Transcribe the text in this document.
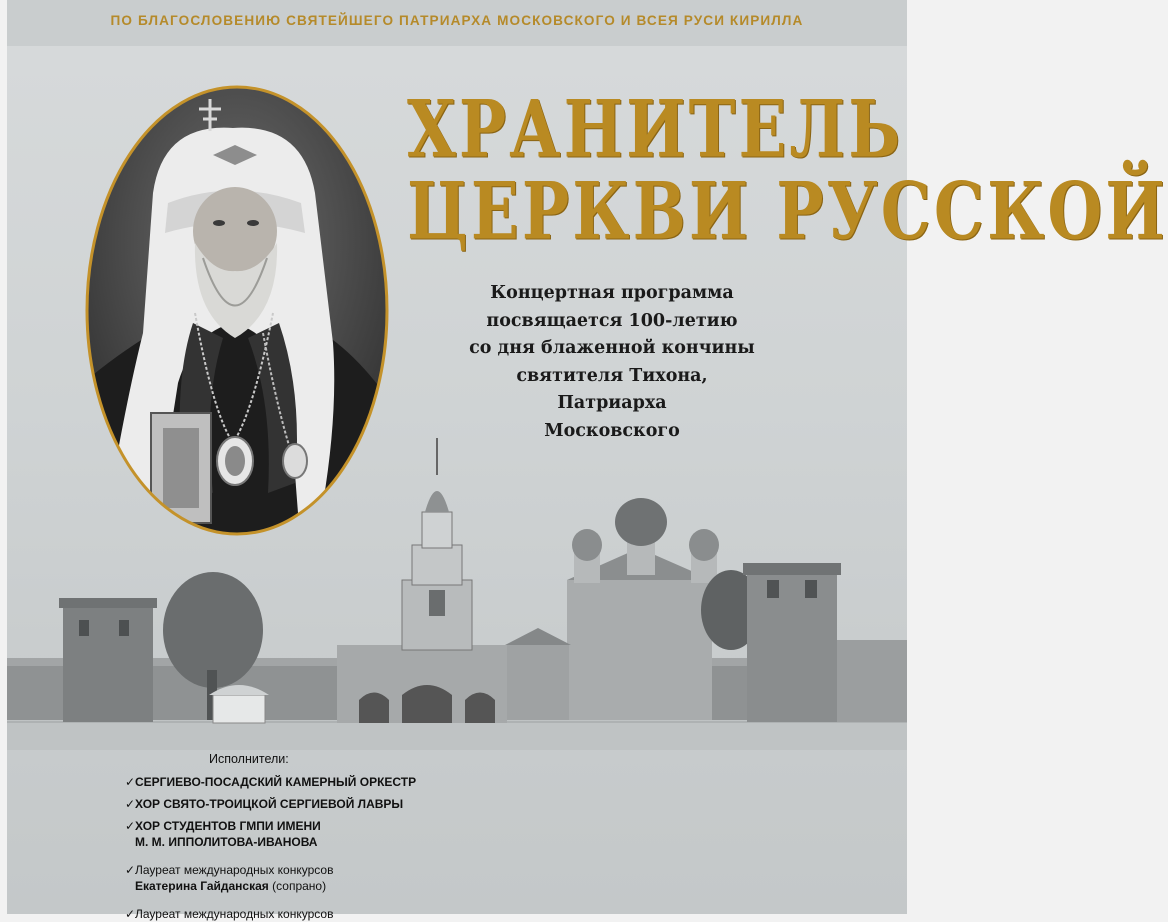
ПО БЛАГОСЛОВЕНИЮ СВЯТЕЙШЕГО ПАТРИАРХА МОСКОВСКОГО И ВСЕЯ РУСИ КИРИЛЛА
ХРАНИТЕЛЬ
ЦЕРКВИ РУССКОЙ
Концертная программа
посвящается 100-летию
со дня блаженной кончины
святителя Тихона,
Патриарха
Московского
Исполнители:
✓ СЕРГИЕВО-ПОСАДСКИЙ КАМЕРНЫЙ ОРКЕСТР
✓ ХОР СВЯТО-ТРОИЦКОЙ СЕРГИЕВОЙ ЛАВРЫ
✓ ХОР СТУДЕНТОВ ГМПИ ИМЕНИ
М. М. ИППОЛИТОВА-ИВАНОВА
✓ Лауреат международных конкурсов
Екатерина Гайданская (сопрано)
✓ Лауреат международных конкурсов
